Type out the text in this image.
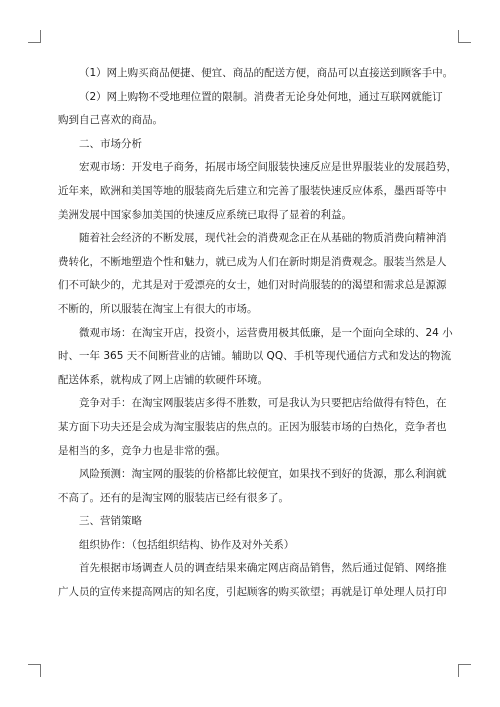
（1）网上购买商品便捷、便宜、商品的配送方便，商品可以直接送到顾客手中。
（2）网上购物不受地理位置的限制。消费者无论身处何地，通过互联网就能订
购到自己喜欢的商品。
二、市场分析
宏观市场：开发电子商务，拓展市场空间服装快速反应是世界服装业的发展趋势，
近年来，欧洲和美国等地的服装商先后建立和完善了服装快速反应体系，墨西哥等中
美洲发展中国家参加美国的快速反应系统已取得了显着的利益。
随着社会经济的不断发展，现代社会的消费观念正在从基础的物质消费向精神消
费转化，不断地塑造个性和魅力，就已成为人们在新时期是消费观念。服装当然是人
们不可缺少的，尤其是对于爱漂亮的女士，她们对时尚服装的的渴望和需求总是源源
不断的，所以服装在淘宝上有很大的市场。
微观市场：在淘宝开店，投资小，运营费用极其低廉，是一个面向全球的、24 小
时、一年 365 天不间断营业的店铺。辅助以 QQ、手机等现代通信方式和发达的物流
配送体系，就构成了网上店铺的软硬件环境。
竞争对手：在淘宝网服装店多得不胜数，可是我认为只要把店给做得有特色，在
某方面下功夫还是会成为淘宝服装店的焦点的。正因为服装市场的白热化，竞争者也
是相当的多，竞争力也是非常的强。
风险预测：淘宝网的服装的价格都比较便宜，如果找不到好的货源，那么利润就
不高了。还有的是淘宝网的服装店已经有很多了。
三、营销策略
组织协作：（包括组织结构、协作及对外关系）
首先根据市场调查人员的调查结果来确定网店商品销售，然后通过促销、网络推
广人员的宣传来提高网店的知名度，引起顾客的购买欲望；再就是订单处理人员打印
